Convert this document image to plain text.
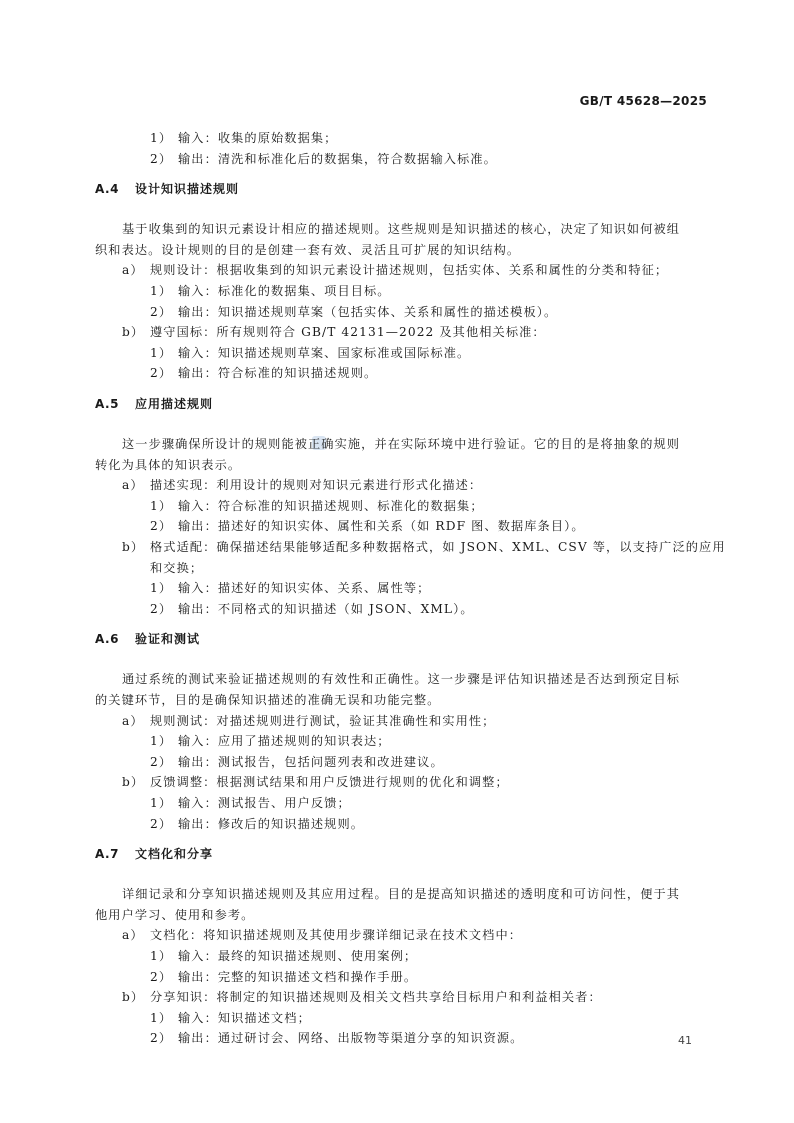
GB/T 45628—2025
1） 输入：收集的原始数据集；
2） 输出：清洗和标准化后的数据集，符合数据输入标准。
A.4 设计知识描述规则
基于收集到的知识元素设计相应的描述规则。这些规则是知识描述的核心，决定了知识如何被组
织和表达。设计规则的目的是创建一套有效、灵活且可扩展的知识结构。
a） 规则设计：根据收集到的知识元素设计描述规则，包括实体、关系和属性的分类和特征；
1） 输入：标准化的数据集、项目目标。
2） 输出：知识描述规则草案（包括实体、关系和属性的描述模板）。
b） 遵守国标：所有规则符合 GB/T 42131—2022 及其他相关标准：
1） 输入：知识描述规则草案、国家标准或国际标准。
2） 输出：符合标准的知识描述规则。
A.5 应用描述规则
这一步骤确保所设计的规则能被正确实施，并在实际环境中进行验证。它的目的是将抽象的规则
转化为具体的知识表示。
a） 描述实现：利用设计的规则对知识元素进行形式化描述：
1） 输入：符合标准的知识描述规则、标准化的数据集；
2） 输出：描述好的知识实体、属性和关系（如 RDF 图、数据库条目）。
b） 格式适配：确保描述结果能够适配多种数据格式，如 JSON、XML、CSV 等，以支持广泛的应用
和交换；
1） 输入：描述好的知识实体、关系、属性等；
2） 输出：不同格式的知识描述（如 JSON、XML）。
A.6 验证和测试
通过系统的测试来验证描述规则的有效性和正确性。这一步骤是评估知识描述是否达到预定目标
的关键环节，目的是确保知识描述的准确无误和功能完整。
a） 规则测试：对描述规则进行测试，验证其准确性和实用性；
1） 输入：应用了描述规则的知识表达；
2） 输出：测试报告，包括问题列表和改进建议。
b） 反馈调整：根据测试结果和用户反馈进行规则的优化和调整；
1） 输入：测试报告、用户反馈；
2） 输出：修改后的知识描述规则。
A.7 文档化和分享
详细记录和分享知识描述规则及其应用过程。目的是提高知识描述的透明度和可访问性，便于其
他用户学习、使用和参考。
a） 文档化：将知识描述规则及其使用步骤详细记录在技术文档中：
1） 输入：最终的知识描述规则、使用案例；
2） 输出：完整的知识描述文档和操作手册。
b） 分享知识：将制定的知识描述规则及相关文档共享给目标用户和利益相关者：
1） 输入：知识描述文档；
2） 输出：通过研讨会、网络、出版物等渠道分享的知识资源。	41
